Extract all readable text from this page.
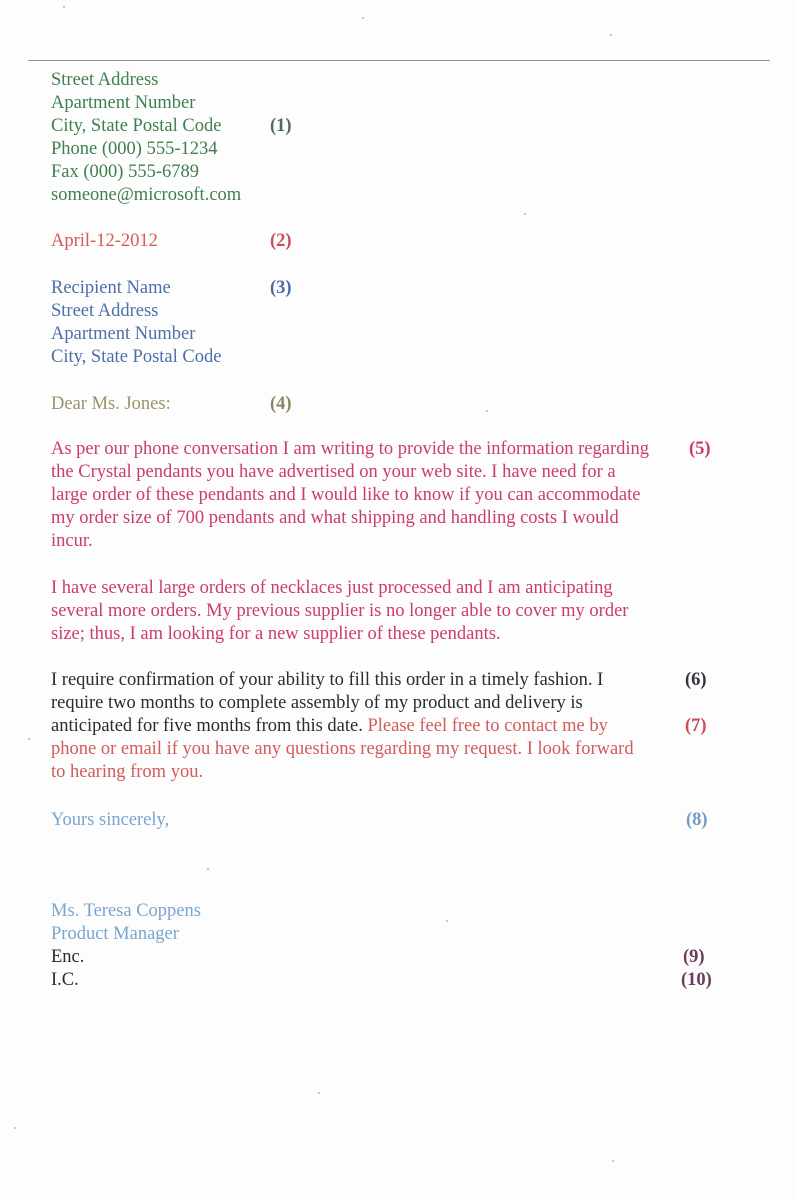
Street Address
Apartment Number
City, State Postal Code
Phone (000) 555-1234
Fax (000) 555-6789
someone@microsoft.com
(1)
April-12-2012	(2)
Recipient Name
Street Address
Apartment Number
City, State Postal Code
(3)
Dear Ms. Jones:	(4)
As per our phone conversation I am writing to provide the information regarding
the Crystal pendants you have advertised on your web site. I have need for a
large order of these pendants and I would like to know if you can accommodate
my order size of 700 pendants and what shipping and handling costs I would
incur.
(5)
I have several large orders of necklaces just processed and I am anticipating
several more orders. My previous supplier is no longer able to cover my order
size; thus, I am looking for a new supplier of these pendants.
I require confirmation of your ability to fill this order in a timely fashion. I
require two months to complete assembly of my product and delivery is
anticipated for five months from this date. Please feel free to contact me by
phone or email if you have any questions regarding my request. I look forward
to hearing from you.
(6)
(7)
Yours sincerely,	(8)
Ms. Teresa Coppens
Product Manager
Enc.	(9)
I.C.	(10)
